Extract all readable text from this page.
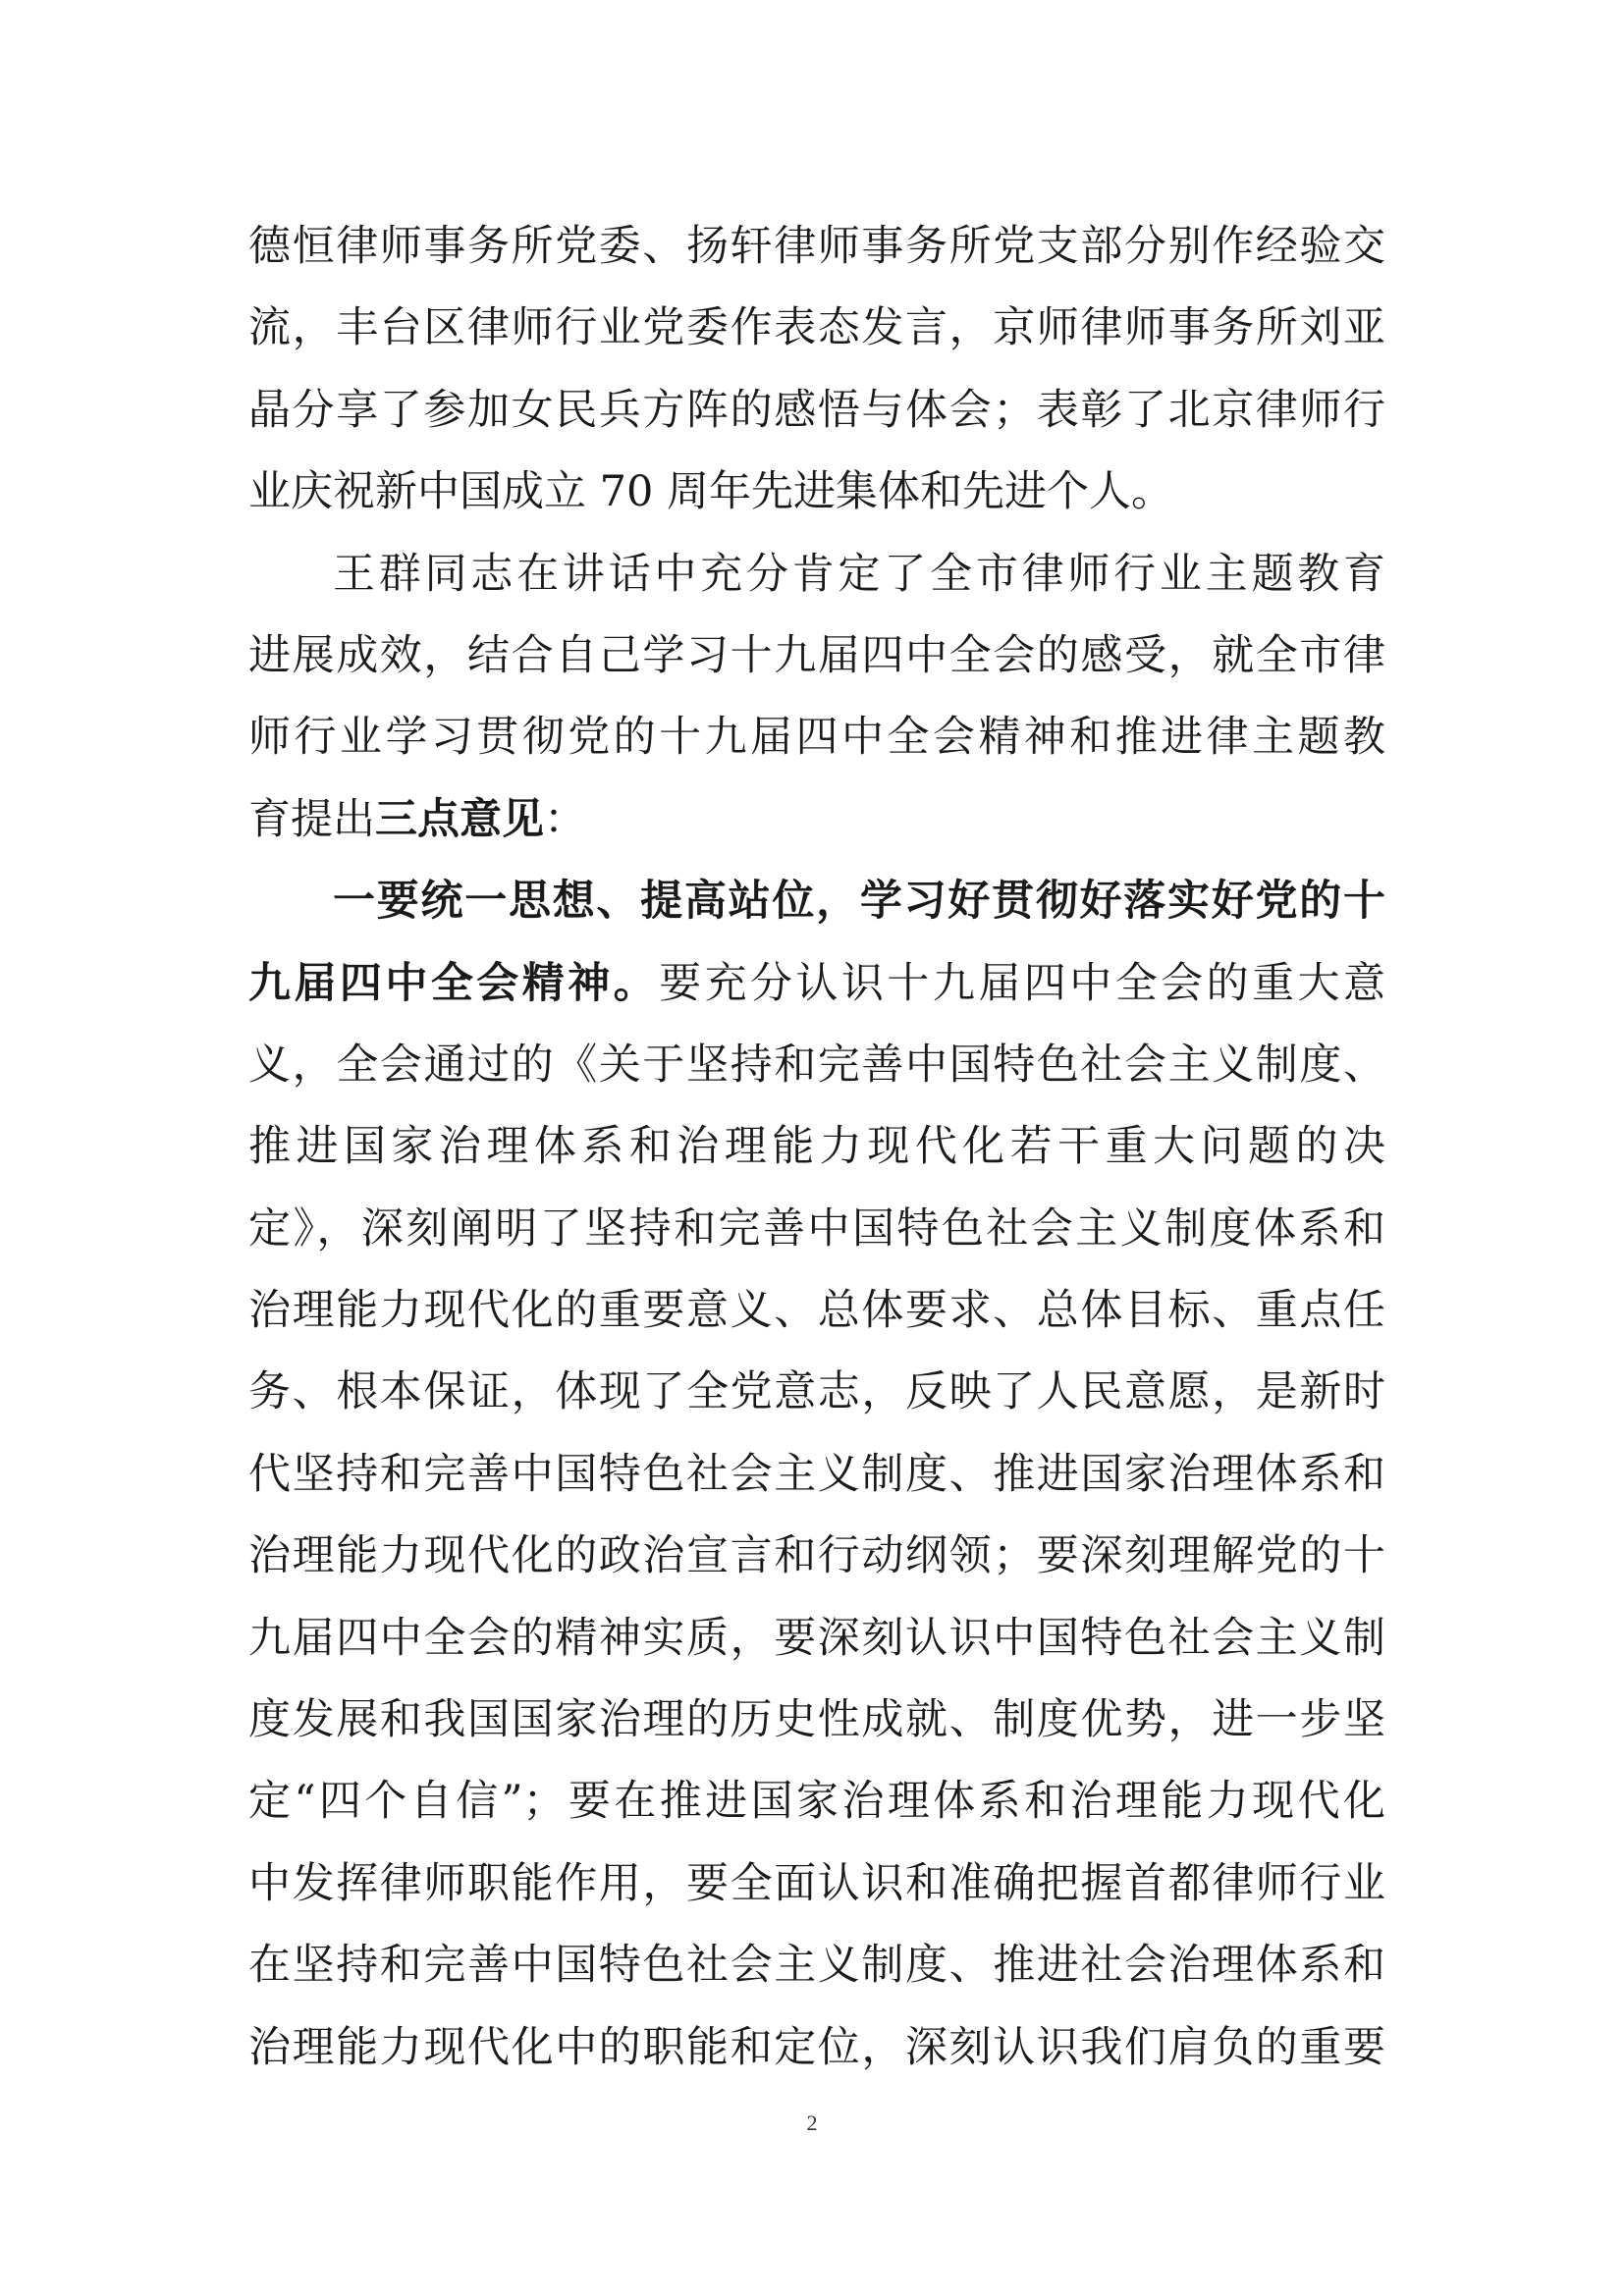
德恒律师事务所党委、扬轩律师事务所党支部分别作经验交
流，丰台区律师行业党委作表态发言，京师律师事务所刘亚
晶分享了参加女民兵方阵的感悟与体会；表彰了北京律师行
业庆祝新中国成立 70 周年先进集体和先进个人。
王群同志在讲话中充分肯定了全市律师行业主题教育
进展成效，结合自己学习十九届四中全会的感受，就全市律
师行业学习贯彻党的十九届四中全会精神和推进律主题教
育提出三点意见：
一要统一思想、提高站位，学习好贯彻好落实好党的十
九届四中全会精神。要充分认识十九届四中全会的重大意
义，全会通过的《关于坚持和完善中国特色社会主义制度、
推进国家治理体系和治理能力现代化若干重大问题的决
定》，深刻阐明了坚持和完善中国特色社会主义制度体系和
治理能力现代化的重要意义、总体要求、总体目标、重点任
务、根本保证，体现了全党意志，反映了人民意愿，是新时
代坚持和完善中国特色社会主义制度、推进国家治理体系和
治理能力现代化的政治宣言和行动纲领；要深刻理解党的十
九届四中全会的精神实质，要深刻认识中国特色社会主义制
度发展和我国国家治理的历史性成就、制度优势，进一步坚
定“四个自信”；要在推进国家治理体系和治理能力现代化
中发挥律师职能作用，要全面认识和准确把握首都律师行业
在坚持和完善中国特色社会主义制度、推进社会治理体系和
治理能力现代化中的职能和定位，深刻认识我们肩负的重要
2
